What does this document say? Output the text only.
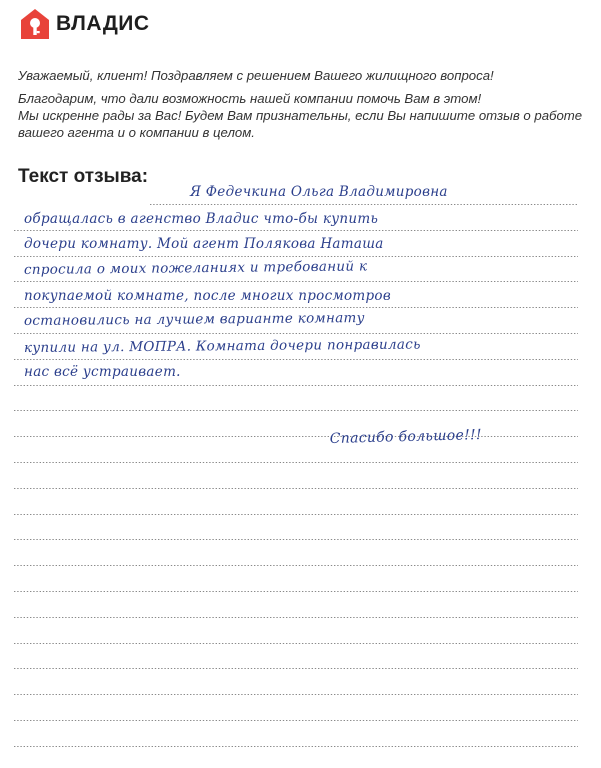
ВЛАДИС

Уважаемый, клиент! Поздравляем с решением Вашего жилищного вопроса!

Благодарим, что дали возможность нашей компании помочь Вам в этом!

Мы искренне рады за Вас! Будем Вам признательны, если Вы напишите отзыв о работе

вашего агента и о компании в целом.

Текст отзыва:
Я Федечкина Ольга Владимировна
обращалась в агенство Владис что-бы купить
дочери комнату. Мой агент Полякова Наташа
спросила о моих пожеланиях и требований к
покупаемой комнате, после многих просмотров
остановились на лучшем варианте комнату
купили на ул. МОПРА. Комната дочери понравилась
нас всё устраивает.
Спасибо большое!!!
